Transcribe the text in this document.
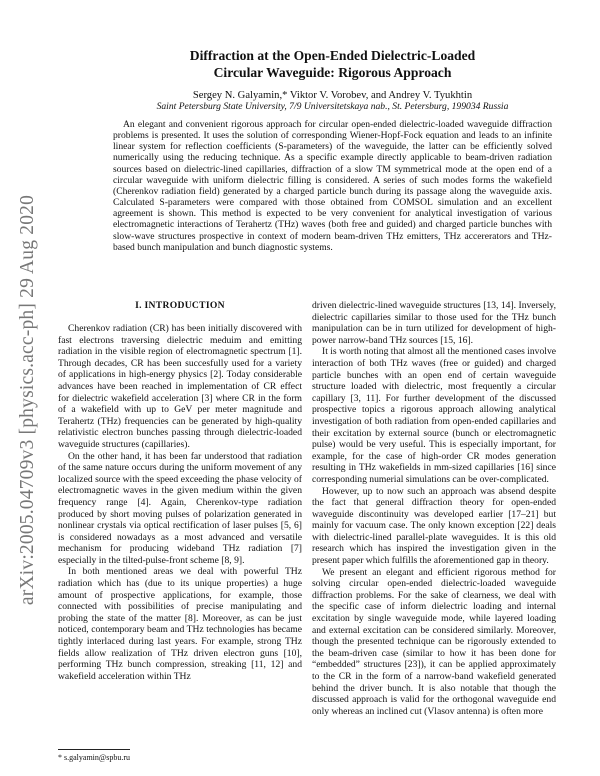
arXiv:2005.04709v3 [physics.acc-ph] 29 Aug 2020
Diffraction at the Open-Ended Dielectric-Loaded
Circular Waveguide: Rigorous Approach
Sergey N. Galyamin,* Viktor V. Vorobev, and Andrey V. Tyukhtin
Saint Petersburg State University, 7/9 Universitetskaya nab., St. Petersburg, 199034 Russia

An elegant and convenient rigorous approach for circular open-ended dielectric-loaded waveguide diffraction problems is presented. It uses the solution of corresponding Wiener-Hopf-Fock equation and leads to an infinite linear system for reflection coefficients (S-parameters) of the waveguide, the latter can be efficiently solved numerically using the reducing technique. As a specific example directly applicable to beam-driven radiation sources based on dielectric-lined capillaries, diffraction of a slow TM symmetrical mode at the open end of a circular waveguide with uniform dielectric filling is considered. A series of such modes forms the wakefield (Cherenkov radiation field) generated by a charged particle bunch during its passage along the waveguide axis. Calculated S-parameters were compared with those obtained from COMSOL simulation and an excellent agreement is shown. This method is expected to be very convenient for analytical investigation of various electromagnetic interactions of Terahertz (THz) waves (both free and guided) and charged particle bunches with slow-wave structures prospective in context of modern beam-driven THz emitters, THz accererators and THz-based bunch manipulation and bunch diagnostic systems.

I. INTRODUCTION

Cherenkov radiation (CR) has been initially discovered with fast electrons traversing dielectric meduim and emitting radiation in the visible region of electromagnetic spectrum [1]. Through decades, CR has been succesfully used for a variety of applications in high-energy physics [2]. Today considerable advances have been reached in implementation of CR effect for dielectric wakefield acceleration [3] where CR in the form of a wakefield with up to GeV per meter magnitude and Terahertz (THz) frequencies can be generated by high-quality relativistic electron bunches passing through dielectric-loaded waveguide structures (capillaries).

On the other hand, it has been far understood that radiation of the same nature occurs during the uniform movement of any localized source with the speed exceeding the phase velocity of electromagnetic waves in the given medium within the given frequency range [4]. Again, Cherenkov-type radiation produced by short moving pulses of polarization generated in nonlinear crystals via optical rectification of laser pulses [5, 6] is considered nowadays as a most advanced and versatile mechanism for producing wideband THz radiation [7] especially in the tilted-pulse-front scheme [8, 9].

In both mentioned areas we deal with powerful THz radiation which has (due to its unique properties) a huge amount of prospective applications, for example, those connected with possibilities of precise manipulating and probing the state of the matter [8]. Moreover, as can be just noticed, contemporary beam and THz technologies has became tightly interlaced during last years. For example, strong THz fields allow realization of THz driven electron guns [10], performing THz bunch compression, streaking [11, 12] and wakefield acceleration within THz

driven dielectric-lined waveguide structures [13, 14]. Inversely, dielectric capillaries similar to those used for the THz bunch manipulation can be in turn utilized for development of high-power narrow-band THz sources [15, 16].

It is worth noting that almost all the mentioned cases involve interaction of both THz waves (free or guided) and charged particle bunches with an open end of certain waveguide structure loaded with dielectric, most frequently a circular capillary [3, 11]. For further development of the discussed prospective topics a rigorous approach allowing analytical investigation of both radiation from open-ended capillaries and their excitation by external source (bunch or electromagnetic pulse) would be very useful. This is especially important, for example, for the case of high-order CR modes generation resulting in THz wakefields in mm-sized capillaries [16] since corresponding numerial simulations can be over-complicated.

However, up to now such an approach was absend despite the fact that general diffraction theory for open-ended waveguide discontinuity was developed earlier [17–21] but mainly for vacuum case. The only known exception [22] deals with dielectric-lined parallel-plate waveguides. It is this old research which has inspired the investigation given in the present paper which fulfills the aforementioned gap in theory.

We present an elegant and efficient rigorous method for solving circular open-ended dielectric-loaded waveguide diffraction problems. For the sake of clearness, we deal with the specific case of inform dielectric loading and internal excitation by single waveguide mode, while layered loading and external excitation can be considered similarly. Moreover, though the presented technique can be rigorously extended to the beam-driven case (similar to how it has been done for “embedded” structures [23]), it can be applied approximately to the CR in the form of a narrow-band wakefield generated behind the driver bunch. It is also notable that though the discussed approach is valid for the orthogonal waveguide end only whereas an inclined cut (Vlasov antenna) is often more

* s.galyamin@spbu.ru
